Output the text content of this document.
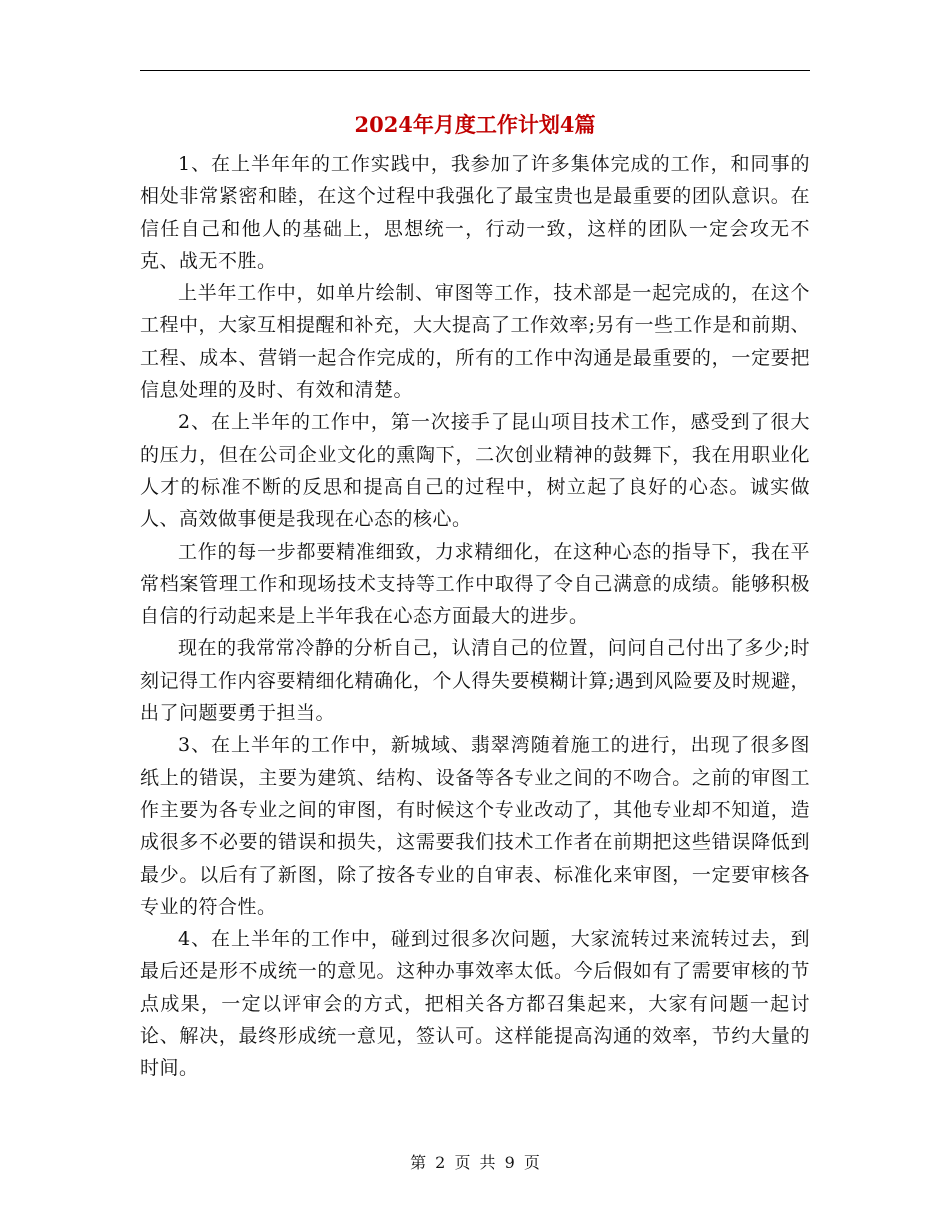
2024年月度工作计划4篇

1、在上半年年的工作实践中，我参加了许多集体完成的工作，和同事的相处非常紧密和睦，在这个过程中我强化了最宝贵也是最重要的团队意识。在信任自己和他人的基础上，思想统一，行动一致，这样的团队一定会攻无不克、战无不胜。

上半年工作中，如单片绘制、审图等工作，技术部是一起完成的，在这个工程中，大家互相提醒和补充，大大提高了工作效率;另有一些工作是和前期、工程、成本、营销一起合作完成的，所有的工作中沟通是最重要的，一定要把信息处理的及时、有效和清楚。

2、在上半年的工作中，第一次接手了昆山项目技术工作，感受到了很大的压力，但在公司企业文化的熏陶下，二次创业精神的鼓舞下，我在用职业化人才的标准不断的反思和提高自己的过程中，树立起了良好的心态。诚实做人、高效做事便是我现在心态的核心。

工作的每一步都要精准细致，力求精细化，在这种心态的指导下，我在平常档案管理工作和现场技术支持等工作中取得了令自己满意的成绩。能够积极自信的行动起来是上半年我在心态方面最大的进步。

现在的我常常冷静的分析自己，认清自己的位置，问问自己付出了多少;时刻记得工作内容要精细化精确化，个人得失要模糊计算;遇到风险要及时规避，出了问题要勇于担当。

3、在上半年的工作中，新城域、翡翠湾随着施工的进行，出现了很多图纸上的错误，主要为建筑、结构、设备等各专业之间的不吻合。之前的审图工作主要为各专业之间的审图，有时候这个专业改动了，其他专业却不知道，造成很多不必要的错误和损失，这需要我们技术工作者在前期把这些错误降低到最少。以后有了新图，除了按各专业的自审表、标准化来审图，一定要审核各专业的符合性。

4、在上半年的工作中，碰到过很多次问题，大家流转过来流转过去，到最后还是形不成统一的意见。这种办事效率太低。今后假如有了需要审核的节点成果，一定以评审会的方式，把相关各方都召集起来，大家有问题一起讨论、解决，最终形成统一意见，签认可。这样能提高沟通的效率，节约大量的时间。

第 2 页 共 9 页
